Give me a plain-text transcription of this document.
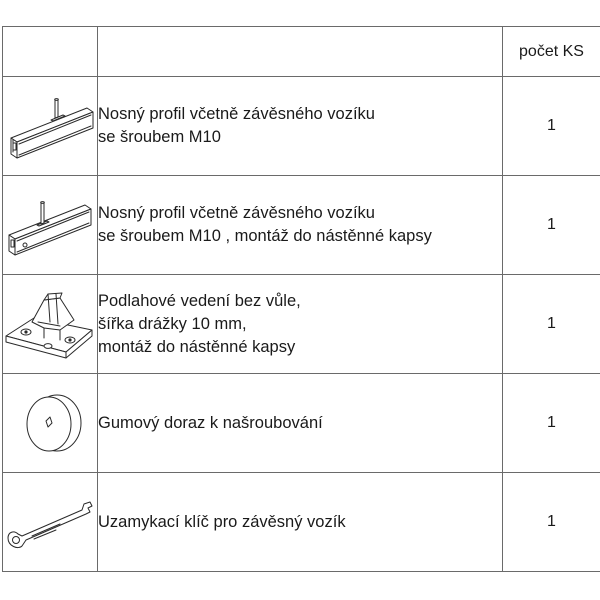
		počet KS

Nosný profil včetně závěsného vozíku
se šroubem M10	1

Nosný profil včetně závěsného vozíku
se šroubem M10 , montáž do nástěnné kapsy	1

Podlahové vedení bez vůle,
šířka drážky 10 mm,
montáž do nástěnné kapsy	1

Gumový doraz k našroubování	1

Uzamykací klíč pro závěsný vozík	1
